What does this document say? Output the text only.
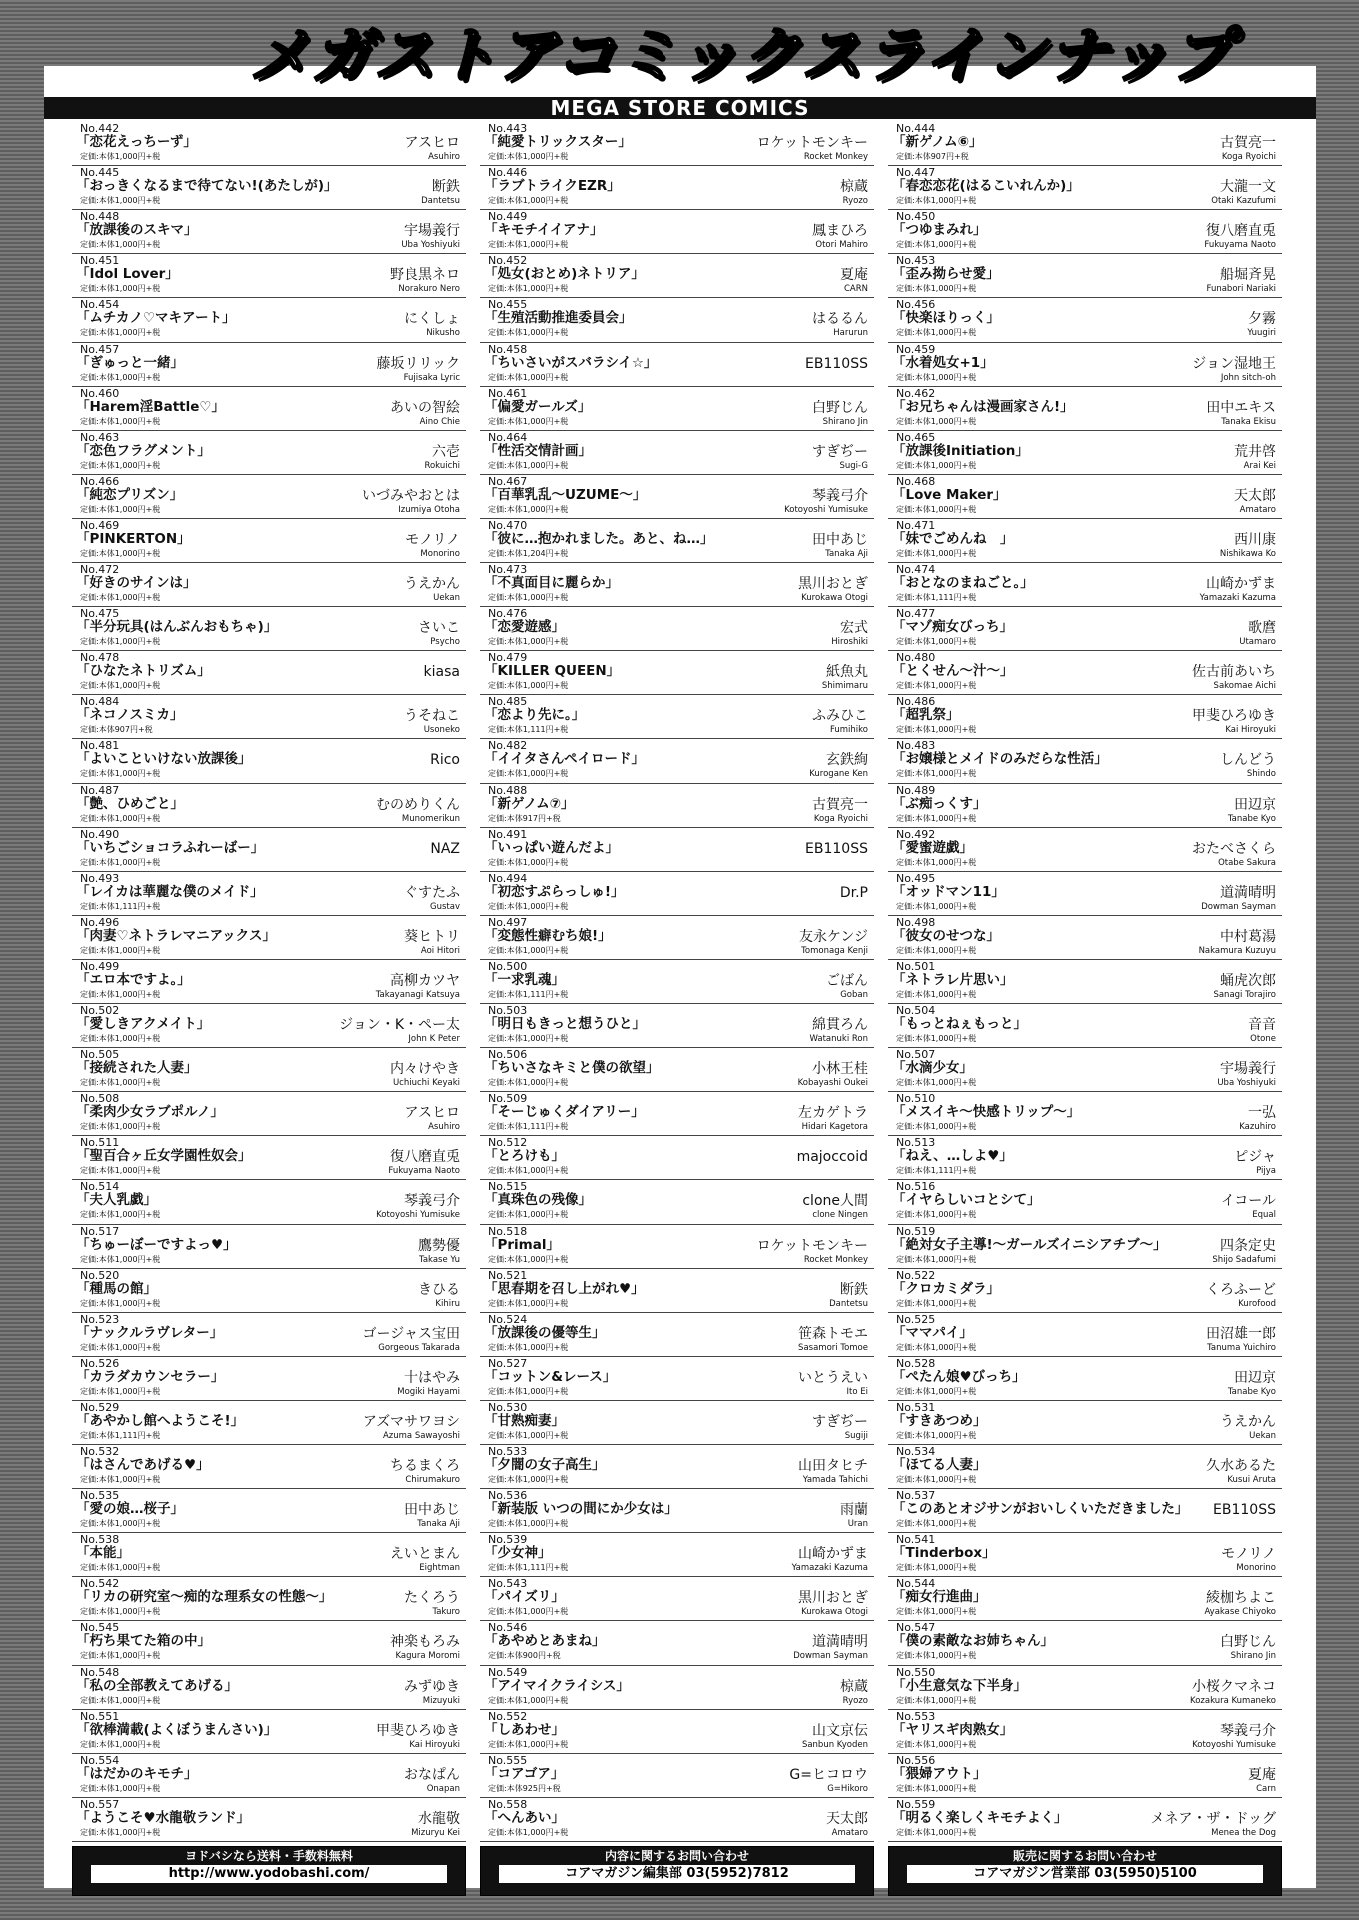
メガストアコミックスラインナップ
MEGA STORE COMICS
No.442
「恋花えっちーず」
定価:本体1,000円+税
アスヒロ
Asuhiro
No.445
「おっきくなるまで待てない!(あたしが)」
定価:本体1,000円+税
断鉄
Dantetsu
No.448
「放課後のスキマ」
定価:本体1,000円+税
宇場義行
Uba Yoshiyuki
No.451
「Idol Lover」
定価:本体1,000円+税
野良黒ネロ
Norakuro Nero
No.454
「ムチカノ♡マキアート」
定価:本体1,000円+税
にくしょ
Nikusho
No.457
「ぎゅっと一緒」
定価:本体1,000円+税
藤坂リリック
Fujisaka Lyric
No.460
「Harem淫Battle♡」
定価:本体1,000円+税
あいの智絵
Aino Chie
No.463
「恋色フラグメント」
定価:本体1,000円+税
六壱
Rokuichi
No.466
「純恋プリズン」
定価:本体1,000円+税
いづみやおとは
Izumiya Otoha
No.469
「PINKERTON」
定価:本体1,000円+税
モノリノ
Monorino
No.472
「好きのサインは」
定価:本体1,000円+税
うえかん
Uekan
No.475
「半分玩具(はんぶんおもちゃ)」
定価:本体1,000円+税
さいこ
Psycho
No.478
「ひなたネトリズム」
定価:本体1,000円+税
kiasa
No.484
「ネコノスミカ」
定価:本体907円+税
うそねこ
Usoneko
No.481
「よいこといけない放課後」
定価:本体1,000円+税
Rico
No.487
「艶、ひめごと」
定価:本体1,000円+税
むのめりくん
Munomerikun
No.490
「いちごショコラふれーばー」
定価:本体1,000円+税
NAZ
No.493
「レイカは華麗な僕のメイド」
定価:本体1,111円+税
ぐすたふ
Gustav
No.496
「肉妻♡ネトラレマニアックス」
定価:本体1,000円+税
葵ヒトリ
Aoi Hitori
No.499
「エロ本ですよ。」
定価:本体1,000円+税
高柳カツヤ
Takayanagi Katsuya
No.502
「愛しきアクメイト」
定価:本体1,000円+税
ジョン・K・ペー太
John K Peter
No.505
「接続された人妻」
定価:本体1,000円+税
内々けやき
Uchiuchi Keyaki
No.508
「柔肉少女ラブポルノ」
定価:本体1,000円+税
アスヒロ
Asuhiro
No.511
「聖百合ヶ丘女学園性奴会」
定価:本体1,000円+税
復八磨直兎
Fukuyama Naoto
No.514
「夫人乳戯」
定価:本体1,000円+税
琴義弓介
Kotoyoshi Yumisuke
No.517
「ちゅーぼーですよっ♥」
定価:本体1,000円+税
鷹勢優
Takase Yu
No.520
「種馬の館」
定価:本体1,000円+税
きひる
Kihiru
No.523
「ナックルラヴレター」
定価:本体1,000円+税
ゴージャス宝田
Gorgeous Takarada
No.526
「カラダカウンセラー」
定価:本体1,000円+税
十はやみ
Mogiki Hayami
No.529
「あやかし館へようこそ!」
定価:本体1,111円+税
アズマサワヨシ
Azuma Sawayoshi
No.532
「はさんであげる♥」
定価:本体1,000円+税
ちるまくろ
Chirumakuro
No.535
「愛の娘…桜子」
定価:本体1,000円+税
田中あじ
Tanaka Aji
No.538
「本能」
定価:本体1,000円+税
えいとまん
Eightman
No.542
「リカの研究室～痴的な理系女の性態～」
定価:本体1,000円+税
たくろう
Takuro
No.545
「朽ち果てた箱の中」
定価:本体1,000円+税
神楽もろみ
Kagura Moromi
No.548
「私の全部教えてあげる」
定価:本体1,000円+税
みずゆき
Mizuyuki
No.551
「欲棒満載(よくぼうまんさい)」
定価:本体1,000円+税
甲斐ひろゆき
Kai Hiroyuki
No.554
「はだかのキモチ」
定価:本体1,000円+税
おなぱん
Onapan
No.557
「ようこそ♥水龍敬ランド」
定価:本体1,000円+税
水龍敬
Mizuryu Kei
No.443
「純愛トリックスター」
定価:本体1,000円+税
ロケットモンキー
Rocket Monkey
No.446
「ラブトライクEZR」
定価:本体1,000円+税
椋蔵
Ryozo
No.449
「キモチイイアナ」
定価:本体1,000円+税
鳳まひろ
Otori Mahiro
No.452
「処女(おとめ)ネトリア」
定価:本体1,000円+税
夏庵
CARN
No.455
「生殖活動推進委員会」
定価:本体1,000円+税
はるるん
Harurun
No.458
「ちいさいがスバラシイ☆」
定価:本体1,000円+税
EB110SS
No.461
「偏愛ガールズ」
定価:本体1,000円+税
白野じん
Shirano Jin
No.464
「性活交情計画」
定価:本体1,000円+税
すぎぢー
Sugi-G
No.467
「百華乳乱～UZUME～」
定価:本体1,000円+税
琴義弓介
Kotoyoshi Yumisuke
No.470
「彼に…抱かれました。あと、ね…」
定価:本体1,204円+税
田中あじ
Tanaka Aji
No.473
「不真面目に麗らか」
定価:本体1,000円+税
黒川おとぎ
Kurokawa Otogi
No.476
「恋愛遊感」
定価:本体1,000円+税
宏式
Hiroshiki
No.479
「KILLER QUEEN」
定価:本体1,000円+税
紙魚丸
Shimimaru
No.485
「恋より先に。」
定価:本体1,111円+税
ふみひこ
Fumihiko
No.482
「イイタさんペイロード」
定価:本体1,000円+税
玄鉄絢
Kurogane Ken
No.488
「新ゲノム⑦」
定価:本体917円+税
古賀亮一
Koga Ryoichi
No.491
「いっぱい遊んだよ」
定価:本体1,000円+税
EB110SS
No.494
「初恋すぷらっしゅ!」
定価:本体1,000円+税
Dr.P
No.497
「変態性癖むち娘!」
定価:本体1,000円+税
友永ケンジ
Tomonaga Kenji
No.500
「一求乳魂」
定価:本体1,111円+税
ごばん
Goban
No.503
「明日もきっと想うひと」
定価:本体1,000円+税
綿貫ろん
Watanuki Ron
No.506
「ちいさなキミと僕の欲望」
定価:本体1,000円+税
小林王桂
Kobayashi Oukei
No.509
「そーじゅくダイアリー」
定価:本体1,111円+税
左カゲトラ
Hidari Kagetora
No.512
「とろけも」
定価:本体1,000円+税
majoccoid
No.515
「真珠色の残像」
定価:本体1,000円+税
clone人間
clone Ningen
No.518
「Primal」
定価:本体1,000円+税
ロケットモンキー
Rocket Monkey
No.521
「思春期を召し上がれ♥」
定価:本体1,000円+税
断鉄
Dantetsu
No.524
「放課後の優等生」
定価:本体1,000円+税
笹森トモエ
Sasamori Tomoe
No.527
「コットン&レース」
定価:本体1,000円+税
いとうえい
Ito Ei
No.530
「甘熟痴妻」
定価:本体1,000円+税
すぎぢー
Sugiji
No.533
「夕闇の女子高生」
定価:本体1,000円+税
山田タヒチ
Yamada Tahichi
No.536
「新装版 いつの間にか少女は」
定価:本体1,000円+税
雨蘭
Uran
No.539
「少女神」
定価:本体1,111円+税
山崎かずま
Yamazaki Kazuma
No.543
「パイズリ」
定価:本体1,000円+税
黒川おとぎ
Kurokawa Otogi
No.546
「あやめとあまね」
定価:本体900円+税
道満晴明
Dowman Sayman
No.549
「アイマイクライシス」
定価:本体1,000円+税
椋蔵
Ryozo
No.552
「しあわせ」
定価:本体1,000円+税
山文京伝
Sanbun Kyoden
No.555
「コアゴア」
定価:本体925円+税
G=ヒコロウ
G=Hikoro
No.558
「へんあい」
定価:本体1,000円+税
天太郎
Amataro
No.444
「新ゲノム⑥」
定価:本体907円+税
古賀亮一
Koga Ryoichi
No.447
「春恋恋花(はるこいれんか)」
定価:本体1,000円+税
大瀧一文
Otaki Kazufumi
No.450
「つゆまみれ」
定価:本体1,000円+税
復八磨直兎
Fukuyama Naoto
No.453
「歪み拗らせ愛」
定価:本体1,000円+税
船堀斉晃
Funabori Nariaki
No.456
「快楽ほりっく」
定価:本体1,000円+税
夕霧
Yuugiri
No.459
「水着処女+1」
定価:本体1,000円+税
ジョン湿地王
John sitch-oh
No.462
「お兄ちゃんは漫画家さん!」
定価:本体1,000円+税
田中エキス
Tanaka Ekisu
No.465
「放課後Initiation」
定価:本体1,000円+税
荒井啓
Arai Kei
No.468
「Love Maker」
定価:本体1,000円+税
天太郎
Amataro
No.471
「妹でごめんね　」
定価:本体1,000円+税
西川康
Nishikawa Ko
No.474
「おとなのまねごと。」
定価:本体1,111円+税
山崎かずま
Yamazaki Kazuma
No.477
「マゾ痴女びっち」
定価:本体1,000円+税
歌麿
Utamaro
No.480
「とくせん～汁～」
定価:本体1,000円+税
佐古前あいち
Sakomae Aichi
No.486
「超乳祭」
定価:本体1,000円+税
甲斐ひろゆき
Kai Hiroyuki
No.483
「お嬢様とメイドのみだらな性活」
定価:本体1,000円+税
しんどう
Shindo
No.489
「ぶ痴っくす」
定価:本体1,000円+税
田辺京
Tanabe Kyo
No.492
「愛蜜遊戯」
定価:本体1,000円+税
おたべさくら
Otabe Sakura
No.495
「オッドマン11」
定価:本体1,000円+税
道満晴明
Dowman Sayman
No.498
「彼女のせつな」
定価:本体1,000円+税
中村葛湯
Nakamura Kuzuyu
No.501
「ネトラレ片思い」
定価:本体1,000円+税
蛹虎次郎
Sanagi Torajiro
No.504
「もっとねぇもっと」
定価:本体1,000円+税
音音
Otone
No.507
「水滴少女」
定価:本体1,000円+税
宇場義行
Uba Yoshiyuki
No.510
「メスイキ～快感トリップ～」
定価:本体1,000円+税
一弘
Kazuhiro
No.513
「ねえ、…しよ♥」
定価:本体1,111円+税
ピジャ
Pijya
No.516
「イヤらしいコとシて」
定価:本体1,000円+税
イコール
Equal
No.519
「絶対女子主導!～ガールズイニシアチブ～」
定価:本体1,000円+税
四条定史
Shijo Sadafumi
No.522
「クロカミダラ」
定価:本体1,000円+税
くろふーど
Kurofood
No.525
「ママパイ」
定価:本体1,000円+税
田沼雄一郎
Tanuma Yuichiro
No.528
「ぺたん娘♥びっち」
定価:本体1,000円+税
田辺京
Tanabe Kyo
No.531
「すきあつめ」
定価:本体1,000円+税
うえかん
Uekan
No.534
「ほてる人妻」
定価:本体1,000円+税
久水あるた
Kusui Aruta
No.537
「このあとオジサンがおいしくいただきました」
定価:本体1,000円+税
EB110SS
No.541
「Tinderbox」
定価:本体1,000円+税
モノリノ
Monorino
No.544
「痴女行進曲」
定価:本体1,000円+税
綾枷ちよこ
Ayakase Chiyoko
No.547
「僕の素敵なお姉ちゃん」
定価:本体1,000円+税
白野じん
Shirano Jin
No.550
「小生意気な下半身」
定価:本体1,000円+税
小桜クマネコ
Kozakura Kumaneko
No.553
「ヤリスギ肉熟女」
定価:本体1,000円+税
琴義弓介
Kotoyoshi Yumisuke
No.556
「猥婦アウト」
定価:本体1,000円+税
夏庵
Carn
No.559
「明るく楽しくキモチよく」
定価:本体1,000円+税
メネア・ザ・ドッグ
Menea the Dog
ヨドバシなら送料・手数料無料
http://www.yodobashi.com/
内容に関するお問い合わせ
コアマガジン編集部 03(5952)7812
販売に関するお問い合わせ
コアマガジン営業部 03(5950)5100
